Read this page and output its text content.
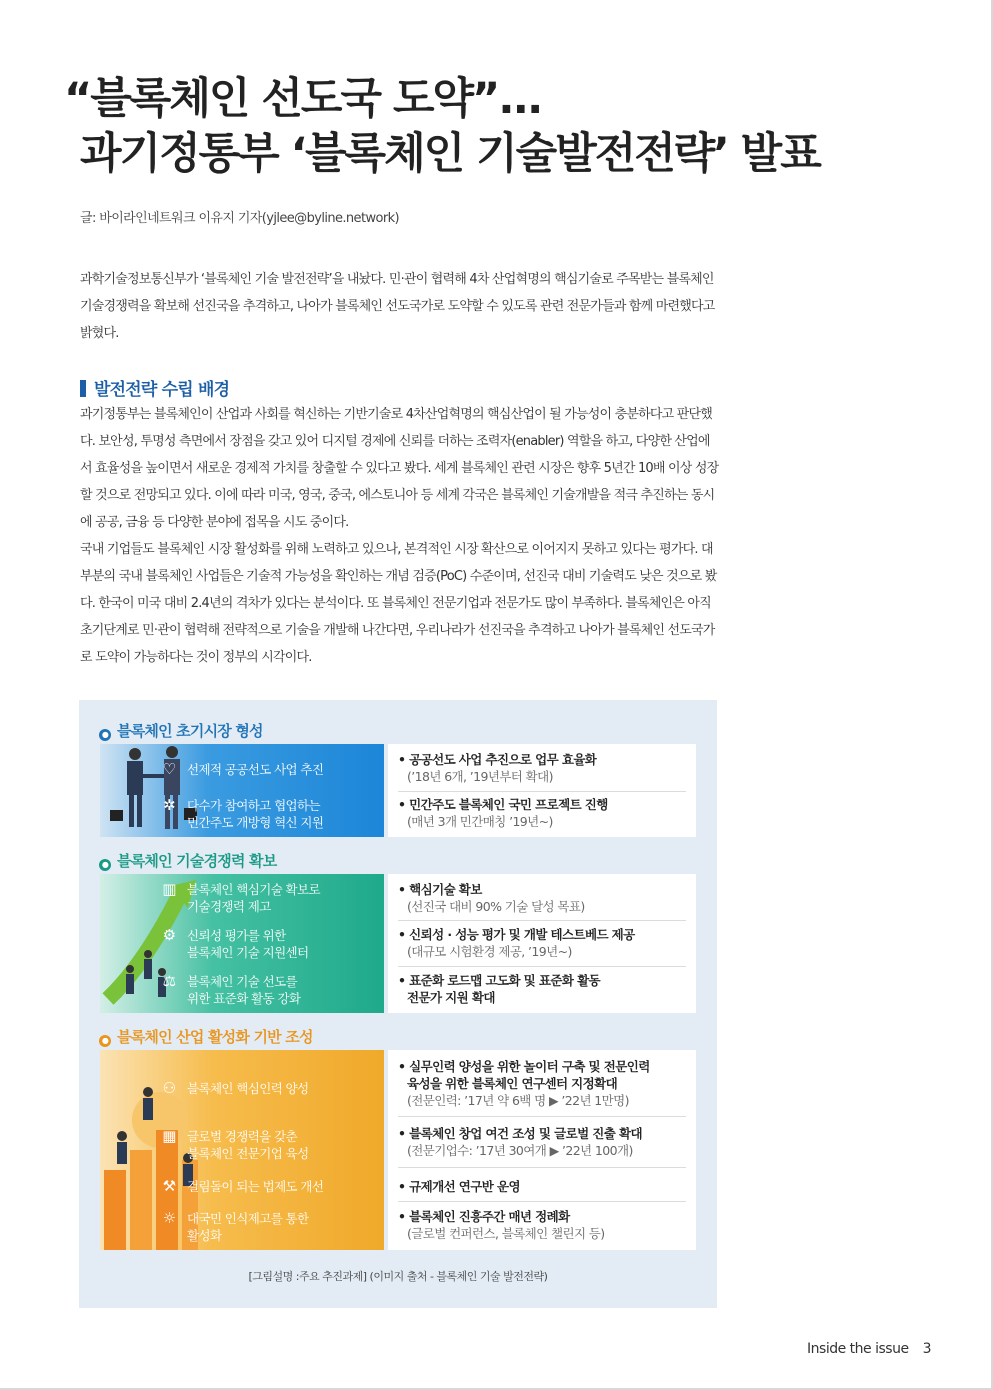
“블록체인 선도국 도약”...
과기정통부 ‘블록체인 기술발전전략’ 발표
글: 바이라인네트워크 이유지 기자(yjlee@byline.network)

과학기술정보통신부가 ‘블록체인 기술 발전전략’을 내놨다. 민·관이 협력해 4차 산업혁명의 핵심기술로 주목받는 블록체인 기술경쟁력을 확보해 선진국을 추격하고, 나아가 블록체인 선도국가로 도약할 수 있도록 관련 전문가들과 함께 마련했다고 밝혔다.

발전전략 수립 배경

과기정통부는 블록체인이 산업과 사회를 혁신하는 기반기술로 4차산업혁명의 핵심산업이 될 가능성이 충분하다고 판단했다. 보안성, 투명성 측면에서 장점을 갖고 있어 디지털 경제에 신뢰를 더하는 조력자(enabler) 역할을 하고, 다양한 산업에서 효율성을 높이면서 새로운 경제적 가치를 창출할 수 있다고 봤다. 세계 블록체인 관련 시장은 향후 5년간 10배 이상 성장할 것으로 전망되고 있다. 이에 따라 미국, 영국, 중국, 에스토니아 등 세계 각국은 블록체인 기술개발을 적극 추진하는 동시에 공공, 금융 등 다양한 분야에 접목을 시도 중이다.

국내 기업들도 블록체인 시장 활성화를 위해 노력하고 있으나, 본격적인 시장 확산으로 이어지지 못하고 있다는 평가다. 대부분의 국내 블록체인 사업들은 기술적 가능성을 확인하는 개념 검증(PoC) 수준이며, 선진국 대비 기술력도 낮은 것으로 봤다. 한국이 미국 대비 2.4년의 격차가 있다는 분석이다. 또 블록체인 전문기업과 전문가도 많이 부족하다. 블록체인은 아직 초기단계로 민·관이 협력해 전략적으로 기술을 개발해 나간다면, 우리나라가 선진국을 추격하고 나아가 블록체인 선도국가로 도약이 가능하다는 것이 정부의 시각이다.

● 블록체인 초기시장 형성
♡ 선제적 공공선도 사업 추진
✲ 다수가 참여하고 협업하는
민간주도 개방형 혁신 지원
• 공공선도 사업 추진으로 업무 효율화
(’18년 6개, ’19년부터 확대)
• 민간주도 블록체인 국민 프로젝트 진행
(매년 3개 민간매칭 ’19년~)
● 블록체인 기술경쟁력 확보
▥ 블록체인 핵심기술 확보로
기술경쟁력 제고
⚙ 신뢰성 평가를 위한
블록체인 기술 지원센터
⚖ 블록체인 기술 선도를
위한 표준화 활동 강화
• 핵심기술 확보
(선진국 대비 90% 기술 달성 목표)
• 신뢰성 · 성능 평가 및 개발 테스트베드 제공
(대규모 시험환경 제공, ’19년~)
• 표준화 로드맵 고도화 및 표준화 활동
전문가 지원 확대
● 블록체인 산업 활성화 기반 조성
⚇ 블록체인 핵심인력 양성
▦ 글로벌 경쟁력을 갖춘
블록체인 전문기업 육성
⚒ 걸림돌이 되는 법제도 개선
☼ 대국민 인식제고를 통한
활성화
• 실무인력 양성을 위한 놀이터 구축 및 전문인력
육성을 위한 블록체인 연구센터 지정확대
(전문인력: ’17년 약 6백 명 ▶ ’22년 1만명)
• 블록체인 창업 여건 조성 및 글로벌 진출 확대
(전문기업수: ’17년 30여개 ▶ ’22년 100개)
• 규제개선 연구반 운영
• 블록체인 진흥주간 매년 정례화
(글로벌 컨퍼런스, 블록체인 챌린지 등)
[그림설명 :주요 추진과제] (이미지 출처 - 블록체인 기술 발전전략)
Inside the issue 3
